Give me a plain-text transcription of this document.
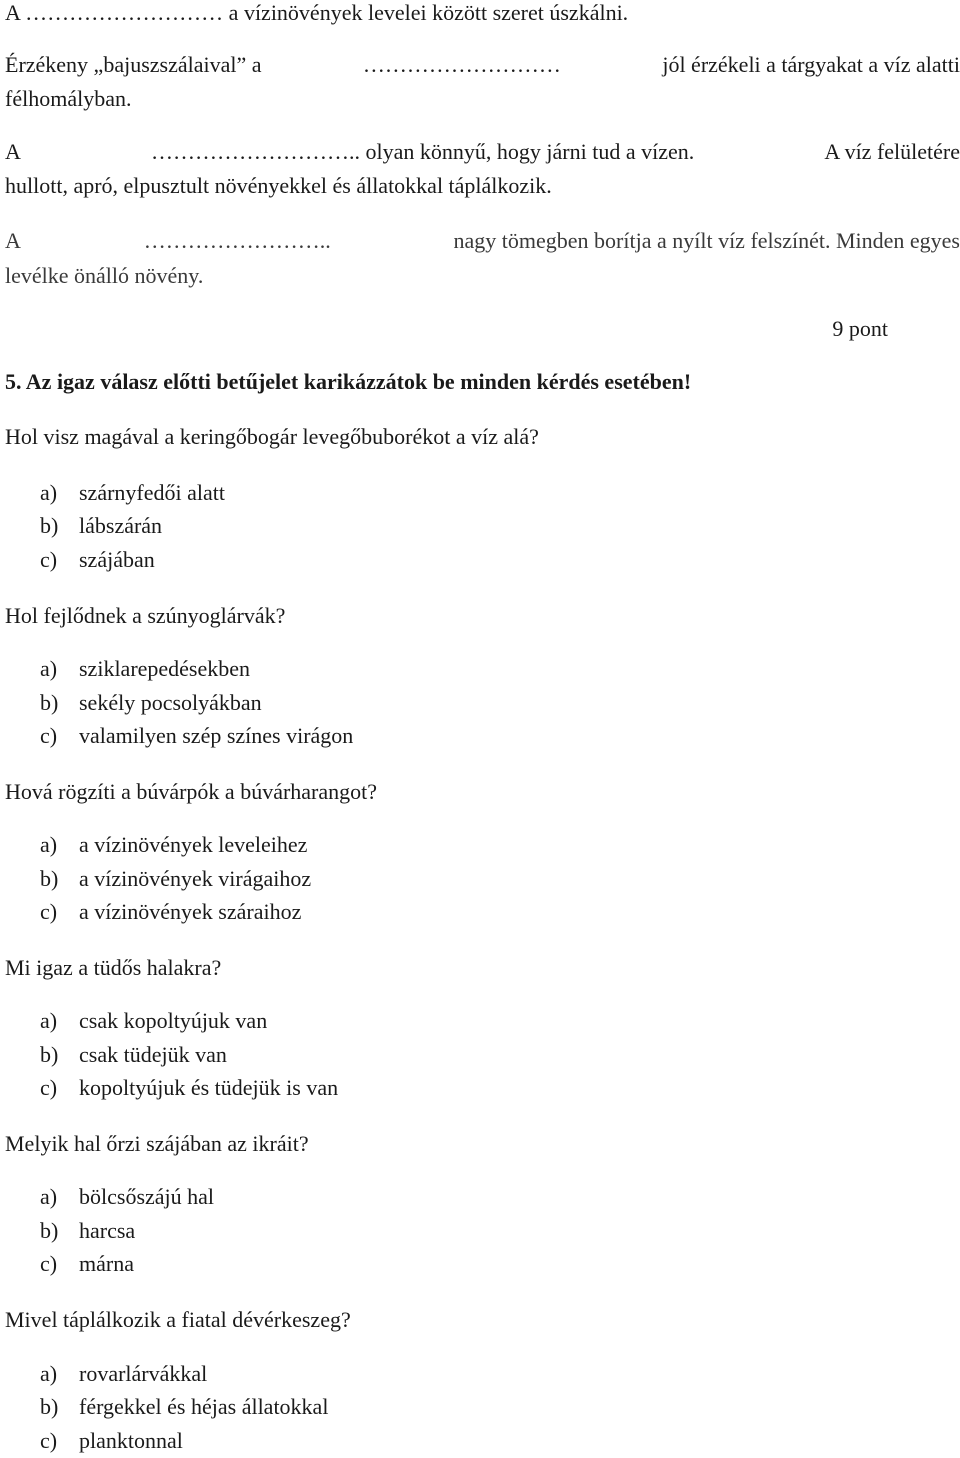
A ……………………… a vízinövények levelei között szeret úszkálni.
Érzékeny „bajuszszálaival” a	………………………	jól érzékeli a tárgyakat a víz alatti
félhomályban.
A	……………………….. olyan könnyű, hogy járni tud a vízen.	A víz felületére
hullott, apró, elpusztult növényekkel és állatokkal táplálkozik.
A	……………………..	nagy tömegben borítja a nyílt víz felszínét. Minden egyes
levélke önálló növény.
9 pont
5. Az igaz válasz előtti betűjelet karikázzátok be minden kérdés esetében!
Hol visz magával a keringőbogár levegőbuborékot a víz alá?
a) szárnyfedői alatt
b) lábszárán
c) szájában
Hol fejlődnek a szúnyoglárvák?
a) sziklarepedésekben
b) sekély pocsolyákban
c) valamilyen szép színes virágon
Hová rögzíti a búvárpók a búvárharangot?
a) a vízinövények leveleihez
b) a vízinövények virágaihoz
c) a vízinövények száraihoz
Mi igaz a tüdős halakra?
a) csak kopoltyújuk van
b) csak tüdejük van
c) kopoltyújuk és tüdejük is van
Melyik hal őrzi szájában az ikráit?
a) bölcsőszájú hal
b) harcsa
c) márna
Mivel táplálkozik a fiatal dévérkeszeg?
a) rovarlárvákkal
b) férgekkel és héjas állatokkal
c) planktonnal
